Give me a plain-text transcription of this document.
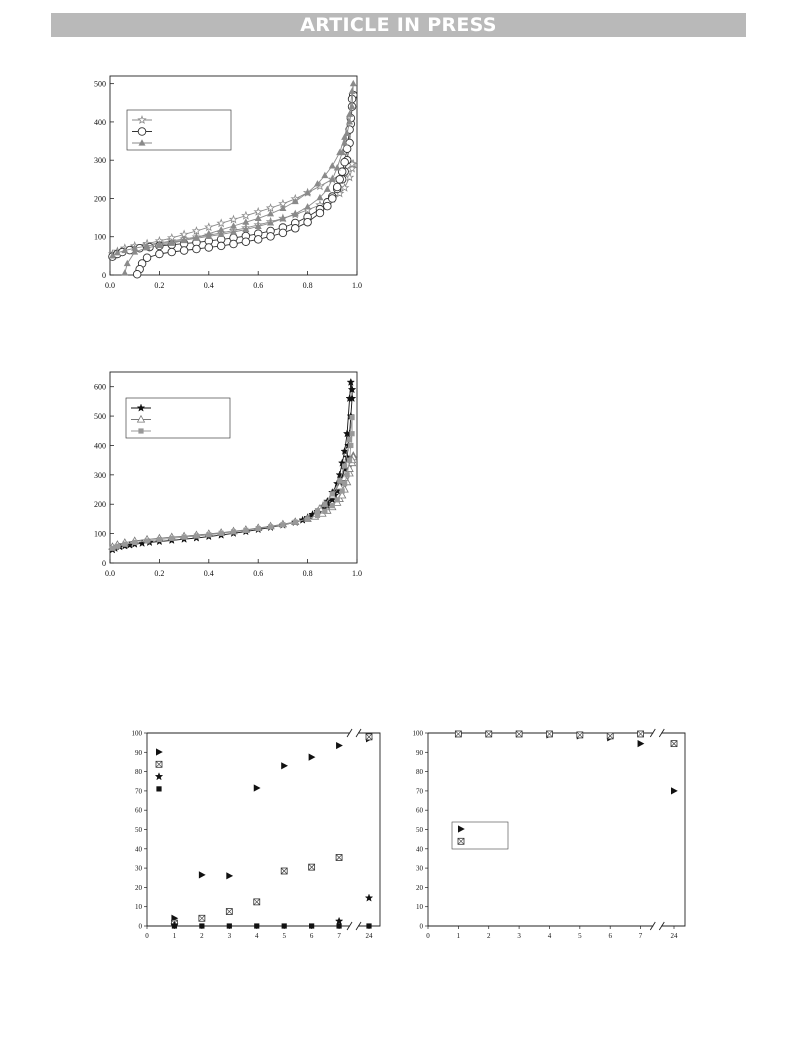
ARTICLE IN PRESS
0.0	0.2	0.4	0.6	0.8	1.0
0
100
200
300
400
500
0.0	0.2	0.4	0.6	0.8	1.0
0
100
200
300
400
500
600
0	1	2	3	4	5	6	7	24
0
10
20
30
40
50
60
70
80
90
100
0	1	2	3	4	5	6	7	24
0
10
20
30
40
50
60
70
80
90
100
